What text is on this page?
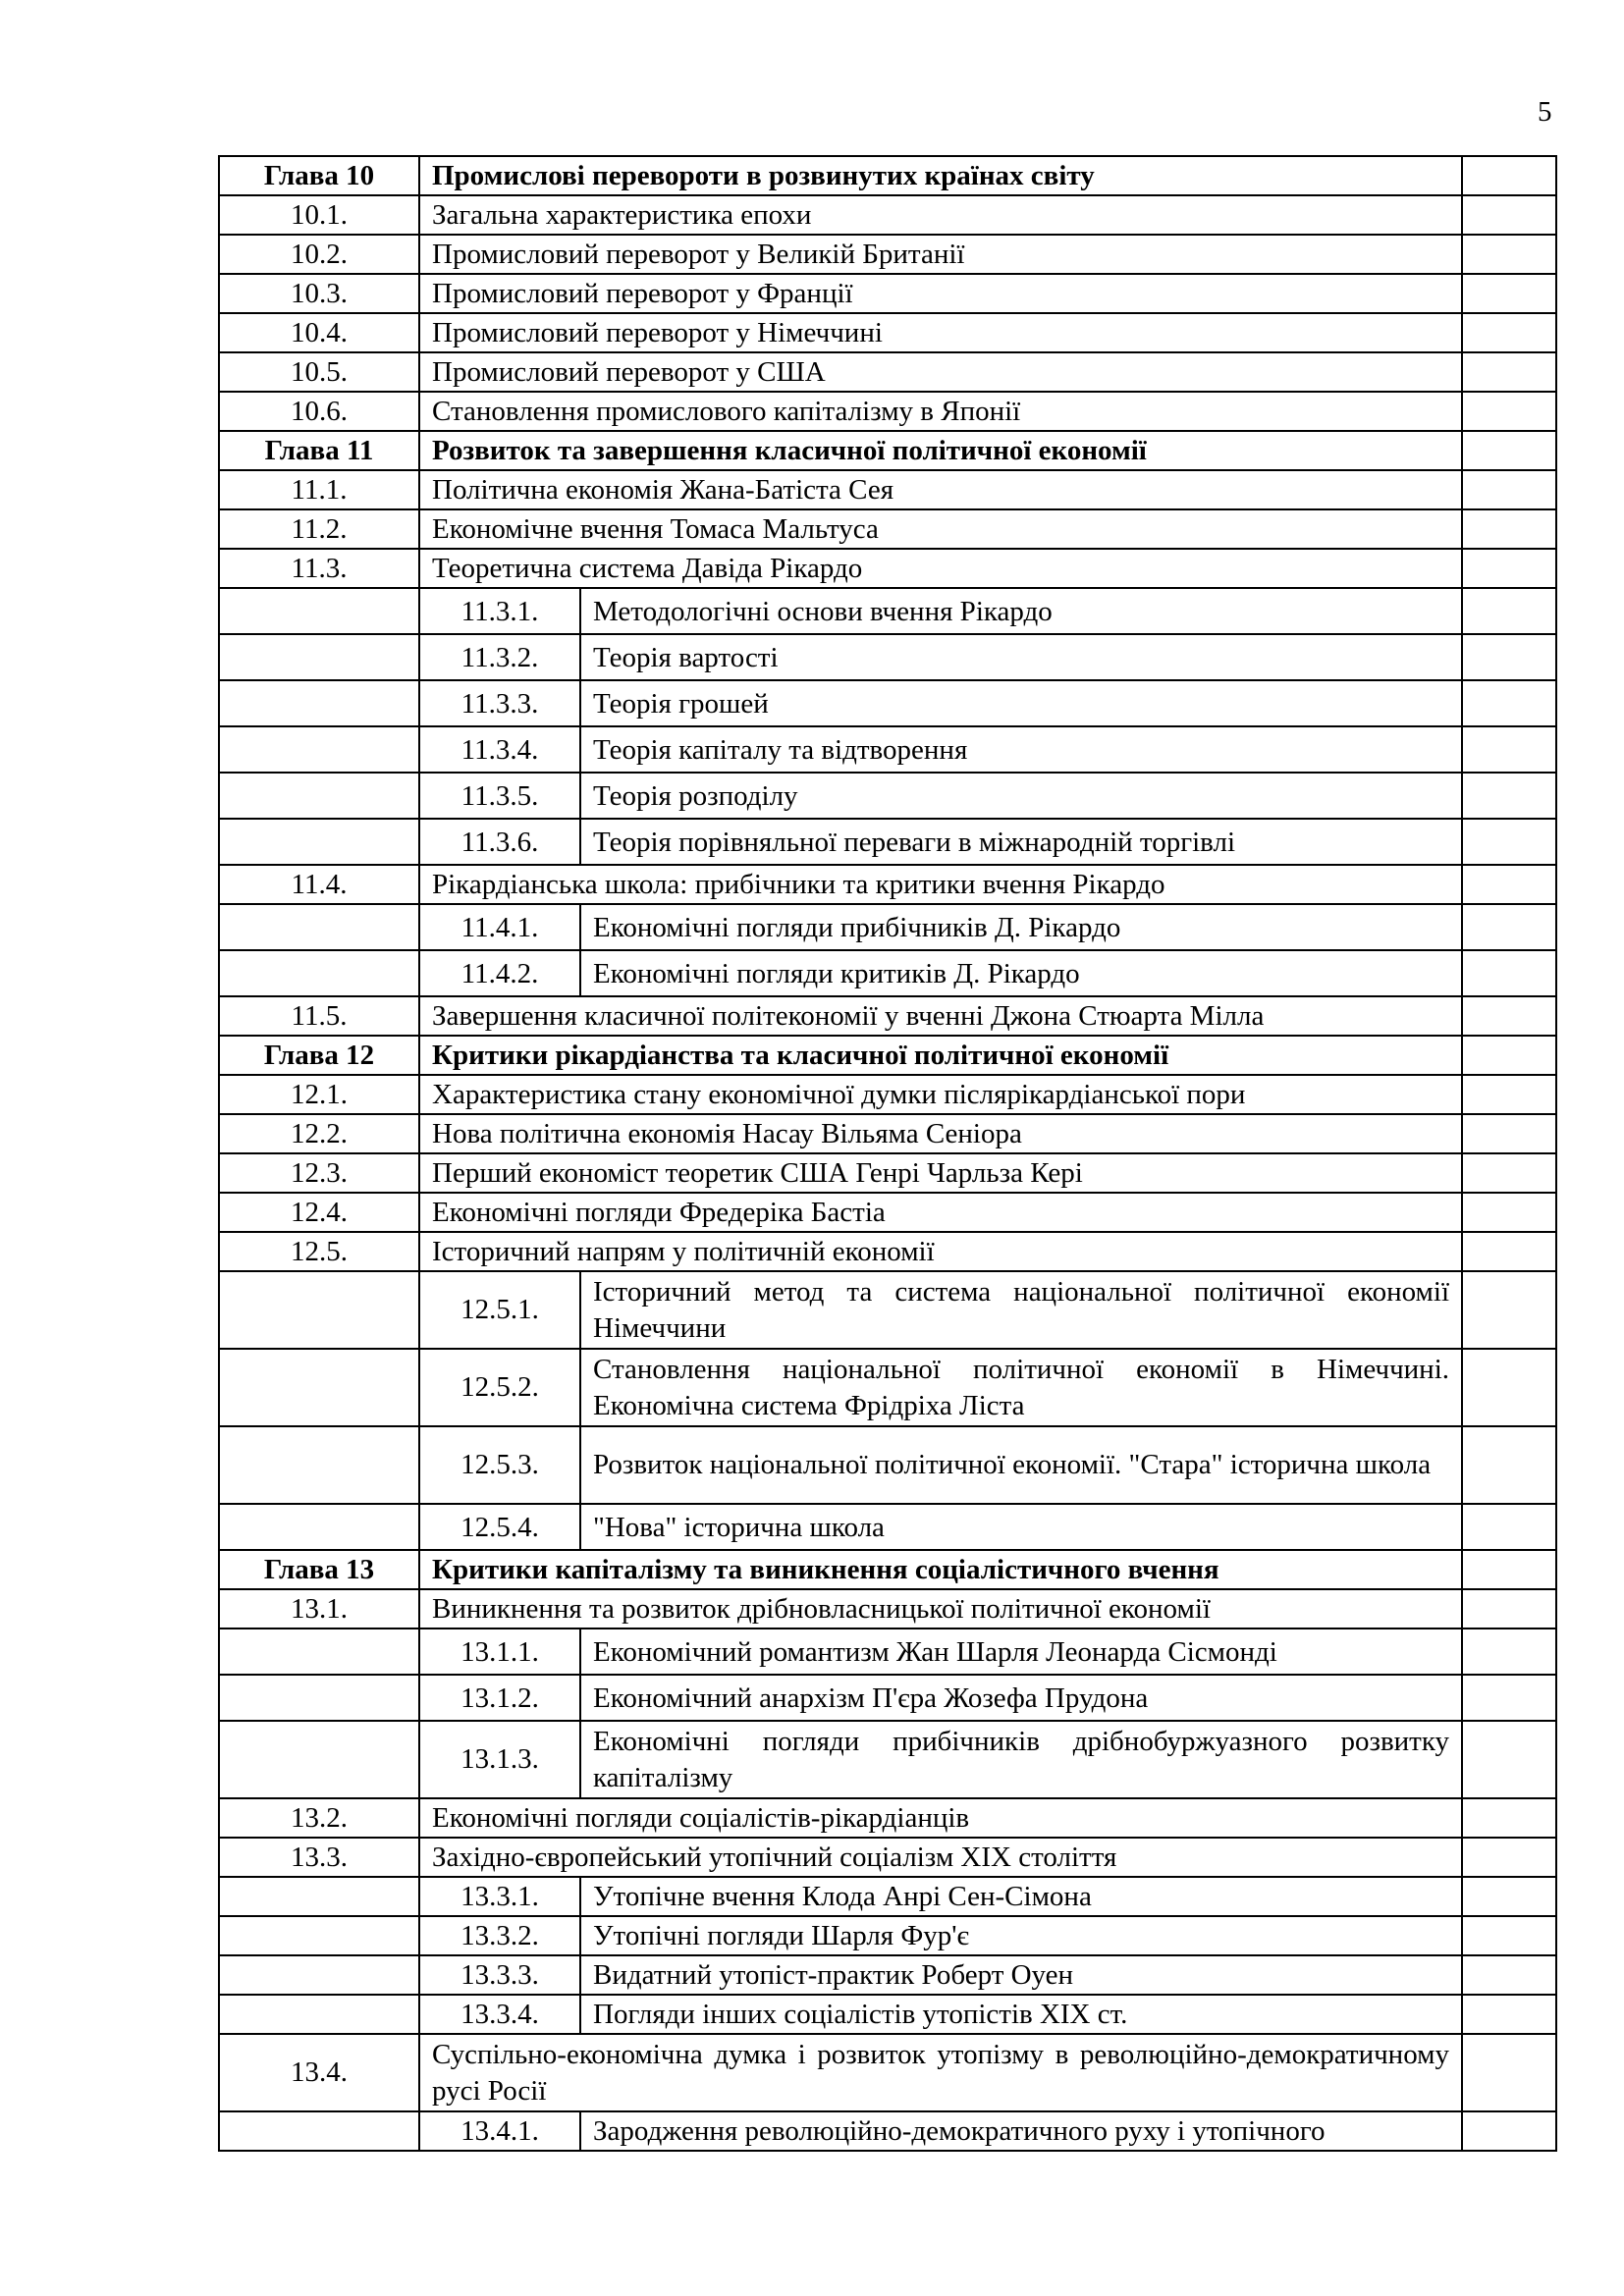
5
Глава 10	Промислові перевороти в розвинутих країнах світу		
10.1.	Загальна характеристика епохи		
10.2.	Промисловий переворот у Великій Британії		
10.3.	Промисловий переворот у Франції		
10.4.	Промисловий переворот у Німеччині		
10.5.	Промисловий переворот у США		
10.6.	Становлення промислового капіталізму в Японії		
Глава 11	Розвиток та завершення класичної політичної економії		
11.1.	Політична економія Жана-Батіста Сея		
11.2.	Економічне вчення Томаса Мальтуса		
11.3.	Теоретична система Давіда Рікардо		
	11.3.1.	Методологічні основи вчення Рікардо	
	11.3.2.	Теорія вартості	
	11.3.3.	Теорія грошей	
	11.3.4.	Теорія капіталу та відтворення	
	11.3.5.	Теорія розподілу	
	11.3.6.	Теорія порівняльної переваги в міжнародній торгівлі	
11.4.	Рікардіанська школа: прибічники та критики вчення Рікардо		
	11.4.1.	Економічні погляди прибічників Д. Рікардо	
	11.4.2.	Економічні погляди критиків Д. Рікардо	
11.5.	Завершення класичної політекономії у вченні Джона Стюарта Мілла		
Глава 12	Критики рікардіанства та класичної політичної економії		
12.1.	Характеристика стану економічної думки післярікардіанської пори		
12.2.	Нова політична економія Насау Вільяма Сеніора		
12.3.	Перший економіст теоретик США Генрі Чарльза Кері		
12.4.	Економічні погляди Фредеріка Бастіа		
12.5.	Історичний напрям у політичній економії		
	12.5.1.	Історичний метод та система національної політичної економії Німеччини	
	12.5.2.	Становлення національної політичної економії в Німеччині. Економічна система Фрідріха Ліста	
	12.5.3.	Розвиток національної політичної економії. "Стара" історична школа	
	12.5.4.	"Нова" історична школа	
Глава 13	Критики капіталізму та виникнення соціалістичного вчення		
13.1.	Виникнення та розвиток дрібновласницької політичної економії		
	13.1.1.	Економічний романтизм Жан Шарля Леонарда Сісмонді	
	13.1.2.	Економічний анархізм П'єра Жозефа Прудона	
	13.1.3.	Економічні погляди прибічників дрібнобуржуазного розвитку капіталізму	
13.2.	Економічні погляди соціалістів-рікардіанців		
13.3.	Західно-європейський утопічний соціалізм XIX століття		
	13.3.1.	Утопічне вчення Клода Анрі Сен-Сімона	
	13.3.2.	Утопічні погляди Шарля Фур'є	
	13.3.3.	Видатний утопіст-практик Роберт Оуен	
	13.3.4.	Погляди інших соціалістів утопістів XIX ст.	
13.4.	Суспільно-економічна думка і розвиток утопізму в революційно-демократичному русі Росії		
	13.4.1.	Зародження революційно-демократичного руху і утопічного	
